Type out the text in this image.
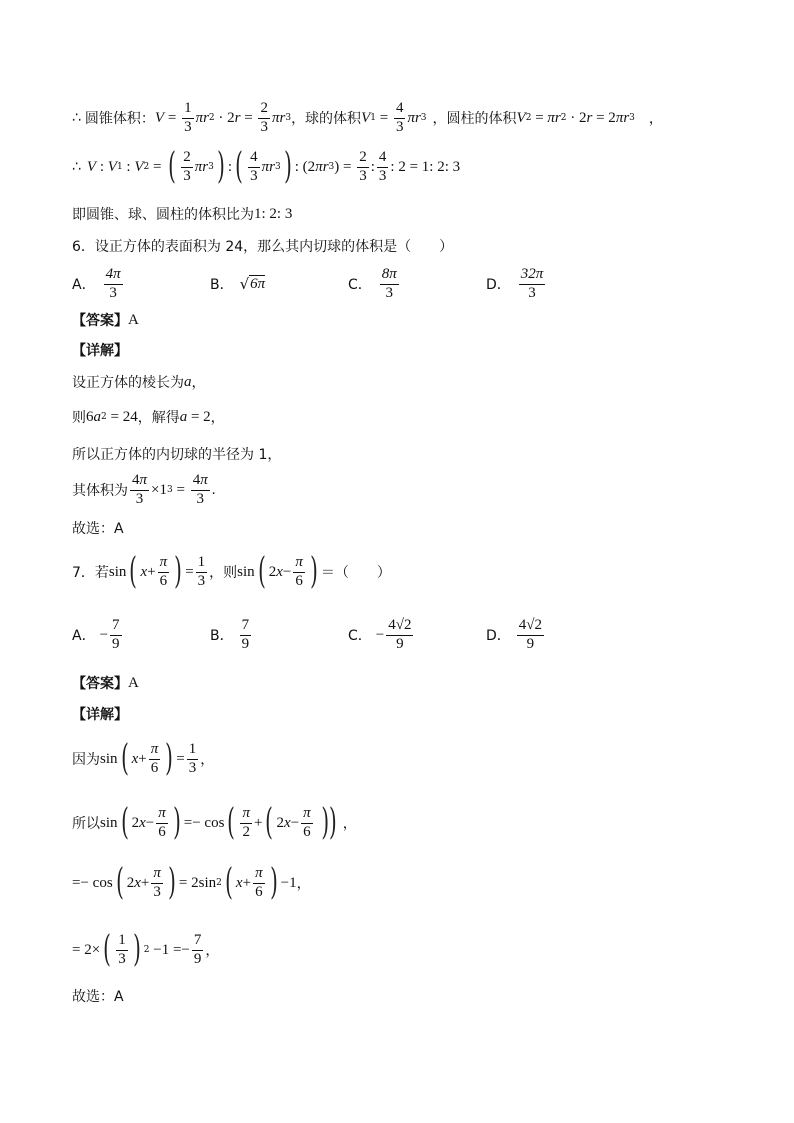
∴ 圆锥体积： $V = \frac{1}{3}$ πr 2 · 2 $r = \frac{2}{3}$ πr 3 ，球的体积 V $1 = \frac{4}{3}$ πr 3 ，圆柱的体积 V 2 = πr 2 · 2 r = 2 πr 3 ，
∴ V : V 1 : V 2 = ( $\frac{2}{3}$ πr 3 ) : ( $\frac{4}{3}$ πr 3 ) : (2 πr 3 ) = $\frac{2}{3}$ : $\frac{4}{3}$ : 2 = 1: 2: 3
即圆锥、球、圆柱的体积比为 1: 2: 3
6．设正方体的表面积为 24，那么其内切球的体积是（　　）
A． $\frac{4\pi}{3}$	B． √ 6π	C． $\frac{8\pi}{3}$	D． $\frac{32\pi}{3}$
【答案】 A
【详解】
设正方体的棱长为 a ，
则 6 a 2 = 24 ，解得 a = 2 ，
所以正方体的内切球的半径为 1，
其体积为 $\frac{4\pi}{3} \times 1$ $3 = \frac{4\pi}{3}$ .
故选：A
7．若 sin ( $x + \frac{\pi}{6}$ ) = $\frac{1}{3}$ ，则 sin ( 2 $x - \frac{\pi}{6}$ ) ＝（　　）
A． − $\frac{7}{9}$	B． $\frac{7}{9}$	C． − $\frac{4√2}{9}$	D． $\frac{4√2}{9}$
【答案】 A
【详解】
因为 sin ( $x + \frac{\pi}{6}$ ) = $\frac{1}{3}$ ，
所以 sin ( 2 $x - \frac{\pi}{6}$ ) =− cos ( $\frac{\pi}{2}$ + ( 2 $x - \frac{\pi}{6}$ )) ，
=− cos ( 2 $x + \frac{\pi}{3}$ ) = 2sin 2 ( $x + \frac{\pi}{6}$ ) −1 ，
= 2× ( $\frac{1}{3}$ ) $2 -1 =- \frac{7}{9}$ ，
故选：A
